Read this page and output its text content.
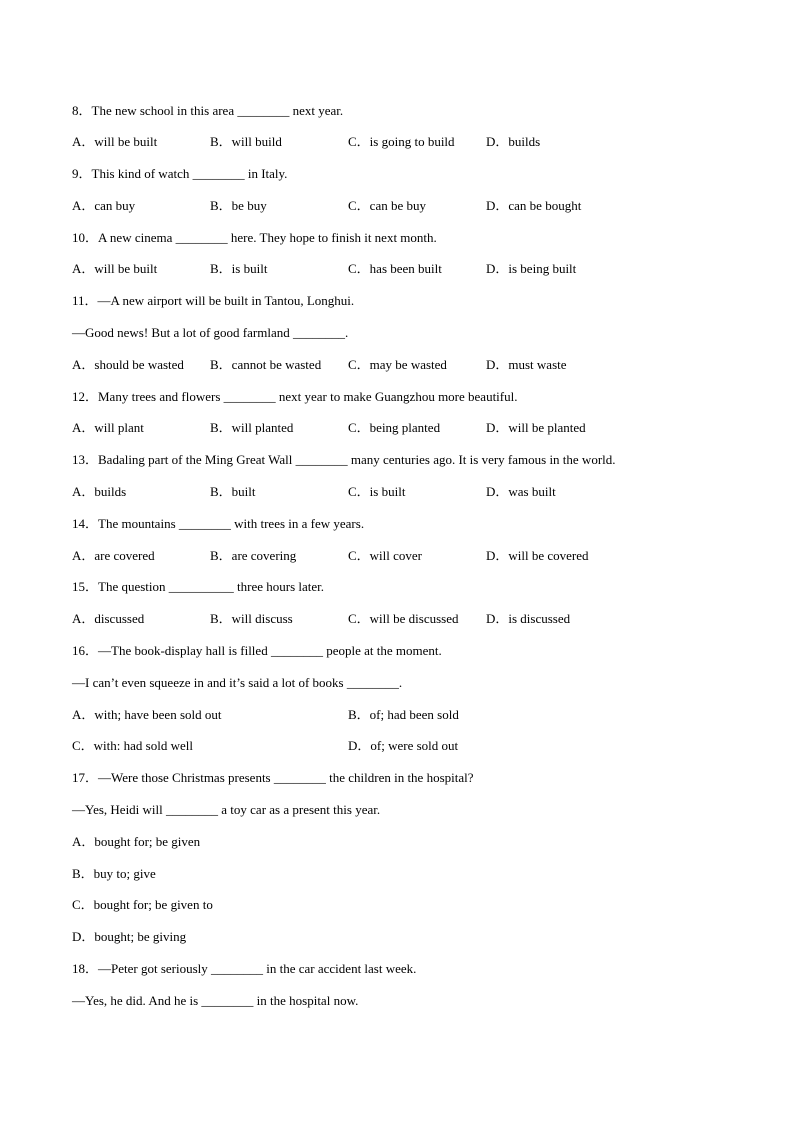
8．The new school in this area ________ next year.
A．will be built	B．will build	C．is going to build D．builds
9．This kind of watch ________ in Italy.
A．can buy	B．be buy	C．can be buy	D．can be bought
10．A new cinema ________ here. They hope to finish it next month.
A．will be built	B．is built	C．has been built	D．is being built
11．—A new airport will be built in Tantou, Longhui.
—Good news! But a lot of good farmland ________.
A．should be wasted B．cannot be wasted C．may be wasted	D．must waste
12．Many trees and flowers ________ next year to make Guangzhou more beautiful.
A．will plant	B．will planted	C．being planted	D．will be planted
13．Badaling part of the Ming Great Wall ________ many centuries ago. It is very famous in the world.
A．builds	B．built	C．is built	D．was built
14．The mountains ________ with trees in a few years.
A．are covered	B．are covering	C．will cover	D．will be covered
15．The question __________ three hours later.
A．discussed	B．will discuss	C．will be discussed D．is discussed
16．—The book-display hall is filled ________ people at the moment.
—I can’t even squeeze in and it’s said a lot of books ________.
A．with; have been sold out	B．of; had been sold
C．with: had sold well	D．of; were sold out
17．—Were those Christmas presents ________ the children in the hospital?
—Yes, Heidi will ________ a toy car as a present this year.
A．bought for; be given
B．buy to; give
C．bought for; be given to
D．bought; be giving
18．—Peter got seriously ________ in the car accident last week.
—Yes, he did. And he is ________ in the hospital now.
